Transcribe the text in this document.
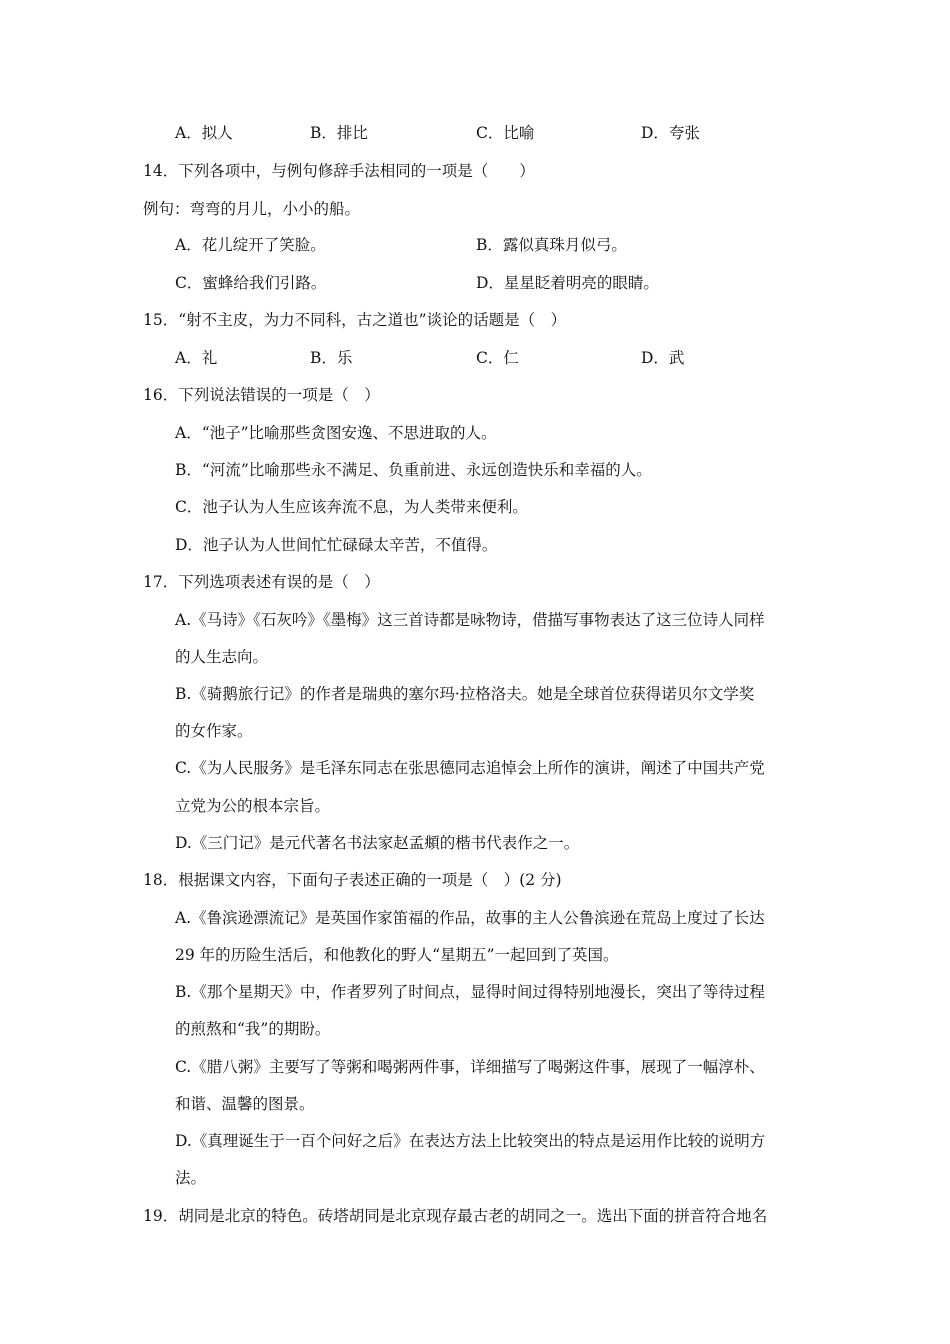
A．拟人	B．排比	C．比喻	D．夸张
14．下列各项中，与例句修辞手法相同的一项是（　　）
例句：弯弯的月儿，小小的船。
A．花儿绽开了笑脸。	B．露似真珠月似弓。
C．蜜蜂给我们引路。	D．星星眨着明亮的眼睛。
15．“射不主皮，为力不同科，古之道也”谈论的话题是（　）
A．礼	B．乐	C．仁	D．武
16．下列说法错误的一项是（　）
A．“池子”比喻那些贪图安逸、不思进取的人。
B．“河流”比喻那些永不满足、负重前进、永远创造快乐和幸福的人。
C．池子认为人生应该奔流不息，为人类带来便利。
D．池子认为人世间忙忙碌碌太辛苦，不值得。
17．下列选项表述有误的是（　）
A.《马诗》《石灰吟》《墨梅》这三首诗都是咏物诗，借描写事物表达了这三位诗人同样
的人生志向。
B.《骑鹅旅行记》的作者是瑞典的塞尔玛·拉格洛夫。她是全球首位获得诺贝尔文学奖
的女作家。
C.《为人民服务》是毛泽东同志在张思德同志追悼会上所作的演讲，阐述了中国共产党
立党为公的根本宗旨。
D.《三门记》是元代著名书法家赵孟頫的楷书代表作之一。
18．根据课文内容，下面句子表述正确的一项是（　）(2 分)
A.《鲁滨逊漂流记》是英国作家笛福的作品，故事的主人公鲁滨逊在荒岛上度过了长达
29 年的历险生活后，和他教化的野人“星期五”一起回到了英国。
B.《那个星期天》中，作者罗列了时间点，显得时间过得特别地漫长，突出了等待过程
的煎熬和“我”的期盼。
C.《腊八粥》主要写了等粥和喝粥两件事，详细描写了喝粥这件事，展现了一幅淳朴、
和谐、温馨的图景。
D.《真理诞生于一百个问好之后》在表达方法上比较突出的特点是运用作比较的说明方
法。
19．胡同是北京的特色。砖塔胡同是北京现存最古老的胡同之一。选出下面的拼音符合地名
